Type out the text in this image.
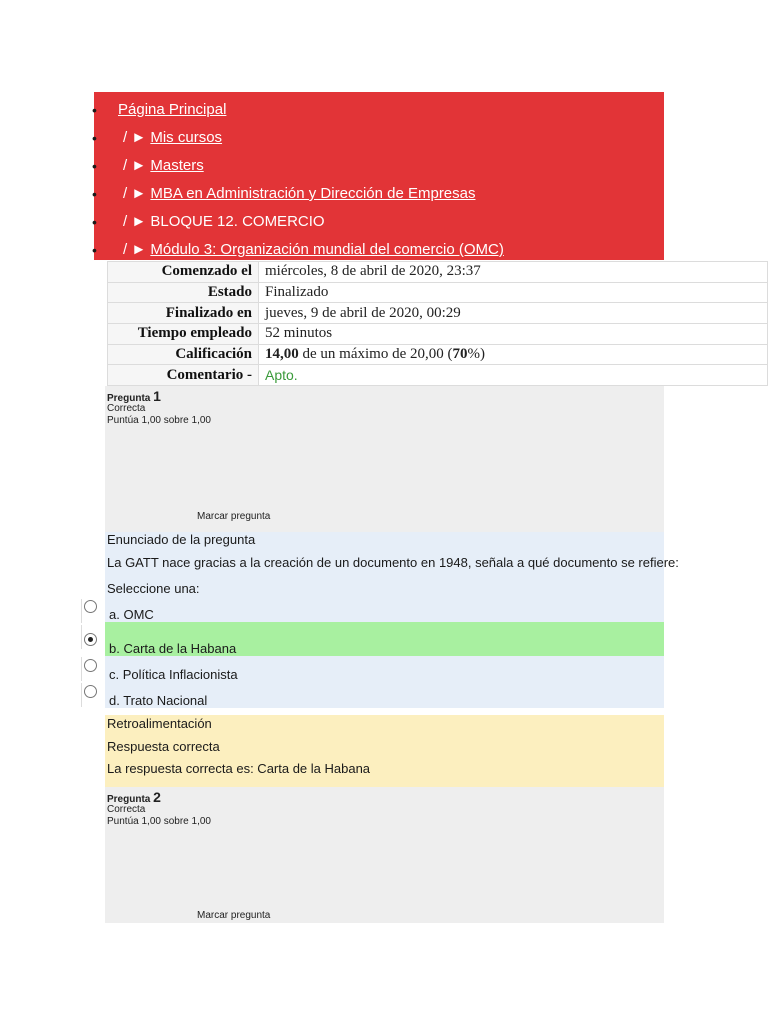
• Página Principal
• / ► Mis cursos
• / ► Masters
• / ► MBA en Administración y Dirección de Empresas
• / ► BLOQUE 12. COMERCIO
• / ► Módulo 3: Organización mundial del comercio (OMC)
Comenzado el	miércoles, 8 de abril de 2020, 23:37
Estado	Finalizado
Finalizado en	jueves, 9 de abril de 2020, 00:29
Tiempo empleado	52 minutos
Calificación	14,00 de un máximo de 20,00 (70%)
Comentario -	Apto.
Pregunta 1
Correcta
Puntúa 1,00 sobre 1,00
Marcar pregunta
Enunciado de la pregunta
La GATT nace gracias a la creación de un documento en 1948, señala a qué documento se refiere:
Seleccione una:
a. OMC
b. Carta de la Habana
c. Política Inflacionista
d. Trato Nacional
Retroalimentación
Respuesta correcta
La respuesta correcta es: Carta de la Habana
Pregunta 2
Correcta
Puntúa 1,00 sobre 1,00
Marcar pregunta
